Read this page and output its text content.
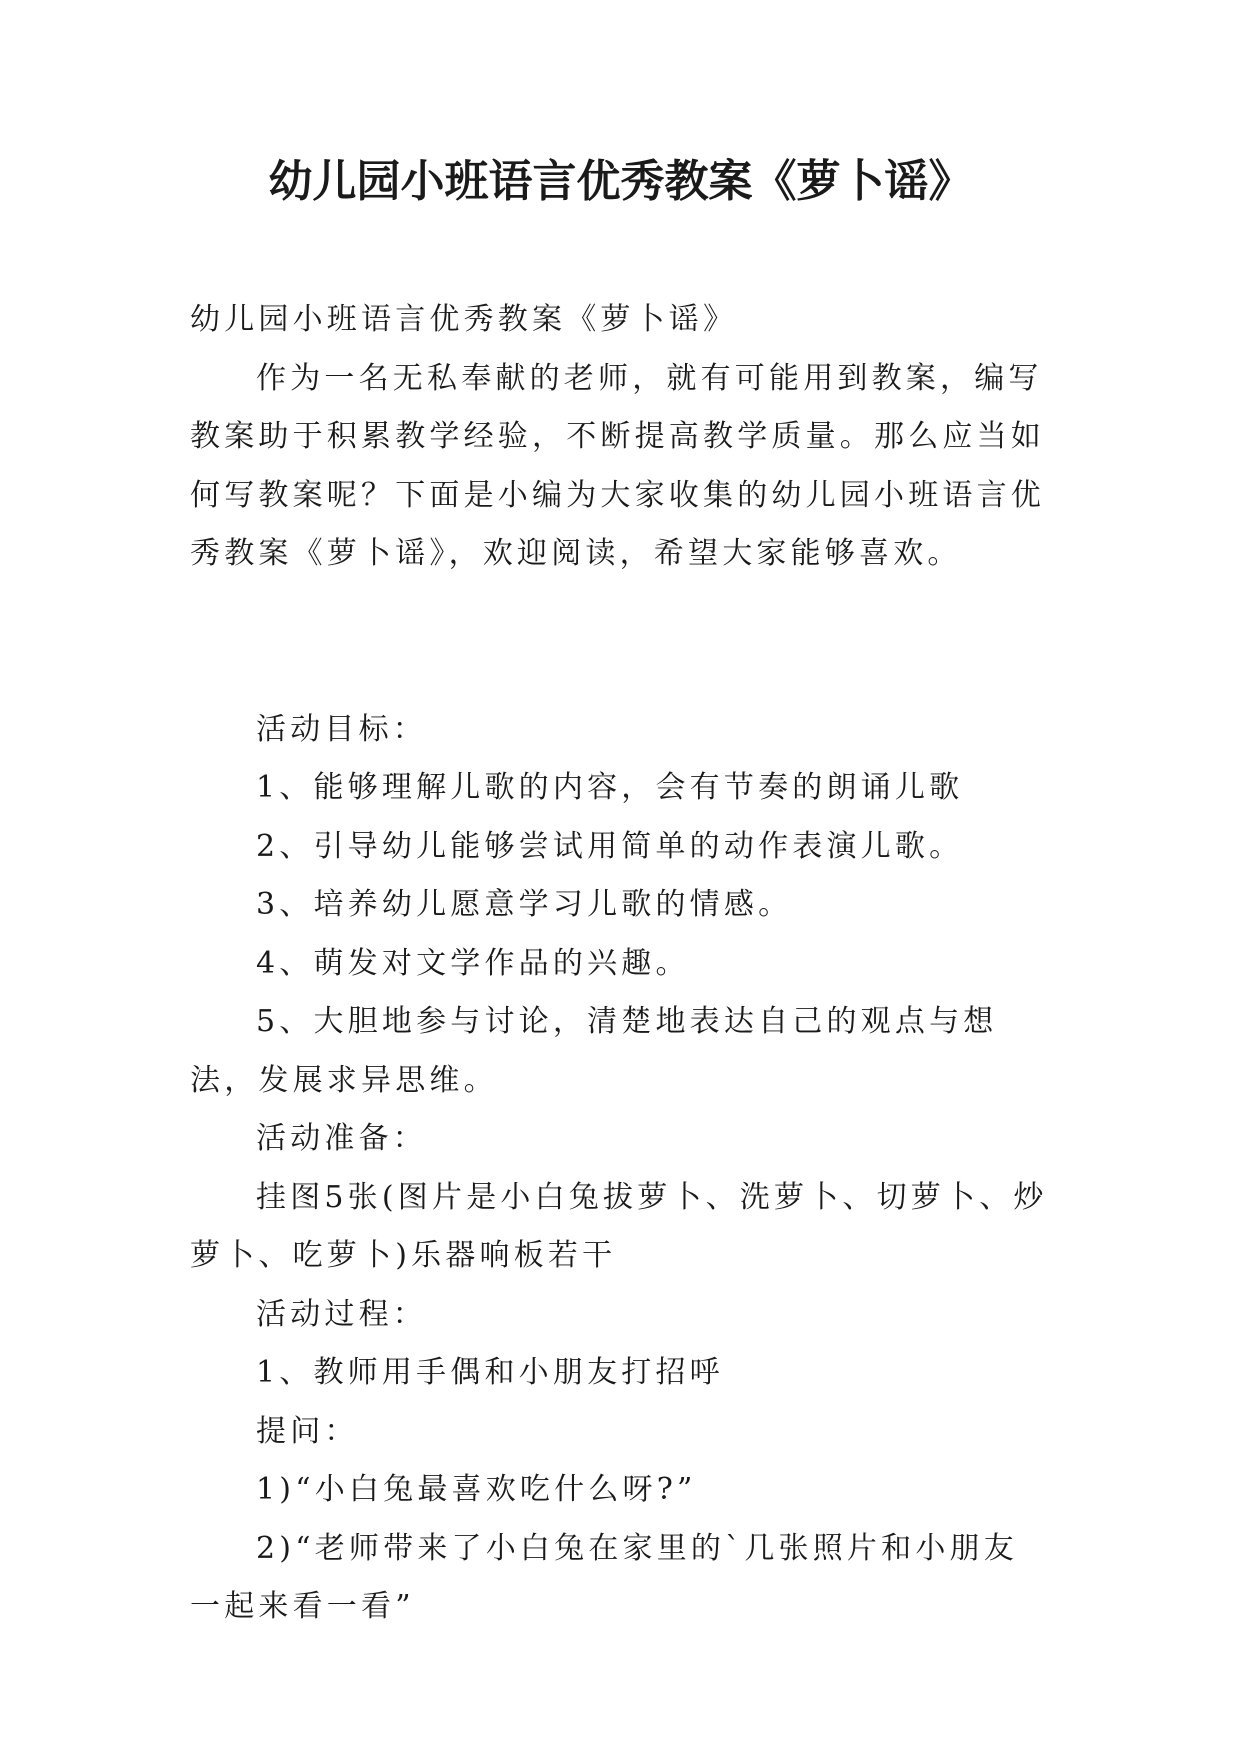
幼儿园小班语言优秀教案《萝卜谣》

幼儿园小班语言优秀教案《萝卜谣》

作为一名无私奉献的老师，就有可能用到教案，编写教案助于积累教学经验，不断提高教学质量。那么应当如何写教案呢？下面是小编为大家收集的幼儿园小班语言优秀教案《萝卜谣》，欢迎阅读，希望大家能够喜欢。

活动目标：

1、能够理解儿歌的内容，会有节奏的朗诵儿歌

2、引导幼儿能够尝试用简单的动作表演儿歌。

3、培养幼儿愿意学习儿歌的情感。

4、萌发对文学作品的兴趣。

5、大胆地参与讨论，清楚地表达自己的观点与想法，发展求异思维。

活动准备：

挂图5张(图片是小白兔拔萝卜、洗萝卜、切萝卜、炒萝卜、吃萝卜)乐器响板若干

活动过程：

1、教师用手偶和小朋友打招呼

提问：

1)“小白兔最喜欢吃什么呀?”

2)“老师带来了小白兔在家里的`几张照片和小朋友一起来看一看”
